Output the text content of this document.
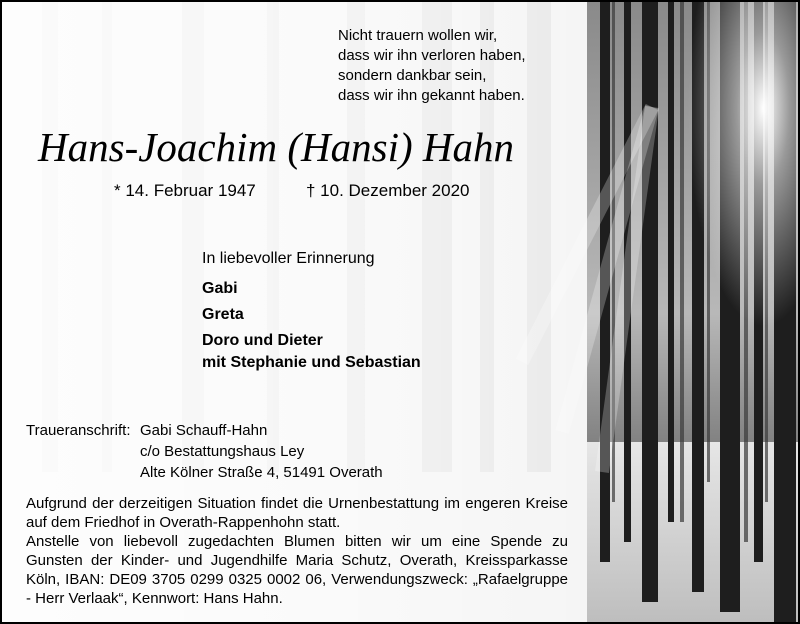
Nicht trauern wollen wir,
dass wir ihn verloren haben,
sondern dankbar sein,
dass wir ihn gekannt haben.
Hans-Joachim (Hansi) Hahn
* 14. Februar 1947	† 10. Dezember 2020
In liebevoller Erinnerung
Gabi
Greta
Doro und Dieter
mit Stephanie und Sebastian
Traueranschrift: Gabi Schauff-Hahn
c/o Bestattungshaus Ley
Alte Kölner Straße 4, 51491 Overath
Aufgrund der derzeitigen Situation findet die Urnenbestattung im engeren Kreise auf dem Friedhof in Overath-Rappenhohn statt.
Anstelle von liebevoll zugedachten Blumen bitten wir um eine Spende zu Gunsten der Kinder- und Jugendhilfe Maria Schutz, Overath, Kreissparkasse Köln, IBAN: DE09 3705 0299 0325 0002 06, Verwendungszweck: „Rafaelgruppe - Herr Verlaak“, Kennwort: Hans Hahn.
